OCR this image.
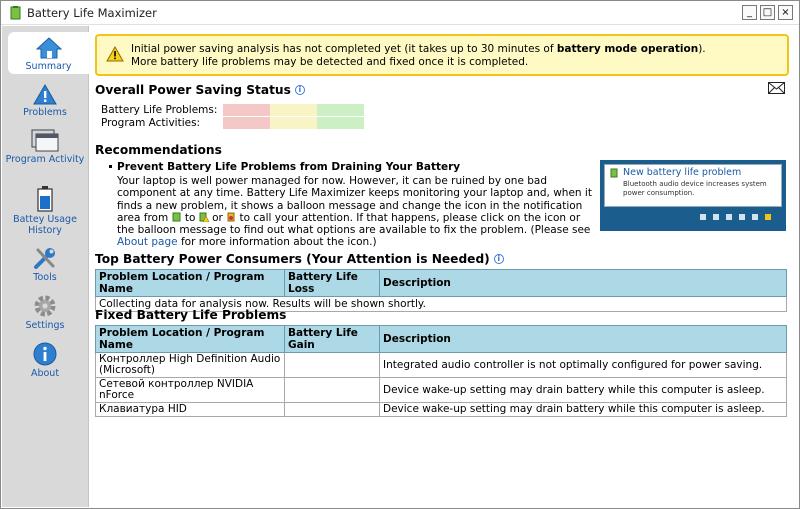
Battery Life Maximizer	_	□ ×
Summary
Problems
Program Activity
Battey Usage History
Tools
Settings
About
Initial power saving analysis has not completed yet (it takes up to 30 minutes of battery mode operation).
More battery life problems may be detected and fixed once it is completed.
Overall Power Saving Status i
Battery Life Problems:
Program Activities:
Recommendations
Prevent Battery Life Problems from Draining Your Battery
Your laptop is well power managed for now. However, it can be ruined by one bad component at any time. Battery Life Maximizer keeps monitoring your laptop and, when it finds a new problem, it shows a balloon message and change the icon in the notification area from  to  or  to call your attention. If that happens, please click on the icon or the balloon message to find out what options are available to fix the problem. (Please see About page for more information about the icon.)
New battery life problem
Bluetooth audio device increases system power consumption.
Top Battery Power Consumers (Your Attention is Needed) i
Problem Location / Program Name	Battery Life Loss	Description
Collecting data for analysis now. Results will be shown shortly.
Fixed Battery Life Problems
Problem Location / Program Name	Battery Life Gain	Description
Контроллер High Definition Audio (Microsoft)		Integrated audio controller is not optimally configured for power saving.
Сетевой контроллер NVIDIA nForce		Device wake-up setting may drain battery while this computer is asleep.
Клавиатура HID		Device wake-up setting may drain battery while this computer is asleep.
